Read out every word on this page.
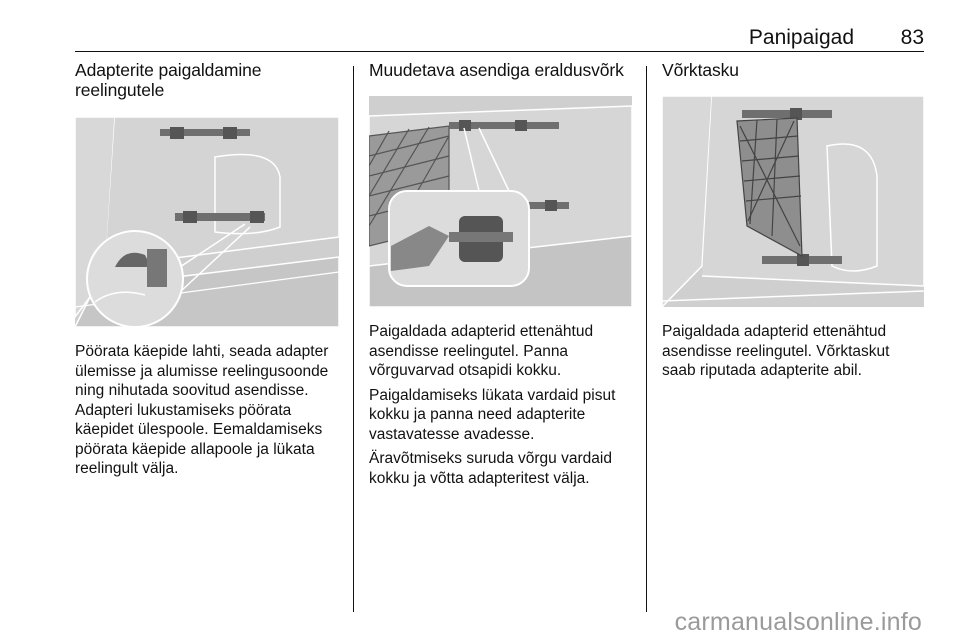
Panipaigad 83
Adapterite paigaldamine reelingutele

Pöörata käepide lahti, seada adapter ülemisse ja alumisse reelingusoonde ning nihutada soovitud asendisse. Adapteri lukustamiseks pöörata käepidet ülespoole. Eemaldamiseks pöörata käepide allapoole ja lükata reelingult välja.

Muudetava asendiga eraldusvõrk

Paigaldada adapterid ettenähtud asendisse reelingutel. Panna võrguvarvad otsapidi kokku.

Paigaldamiseks lükata vardaid pisut kokku ja panna need adapterite vastavatesse avadesse.

Äravõtmiseks suruda võrgu vardaid kokku ja võtta adapteritest välja.

Võrktasku

Paigaldada adapterid ettenähtud asendisse reelingutel. Võrktaskut saab riputada adapterite abil.

carmanualsonline.info
